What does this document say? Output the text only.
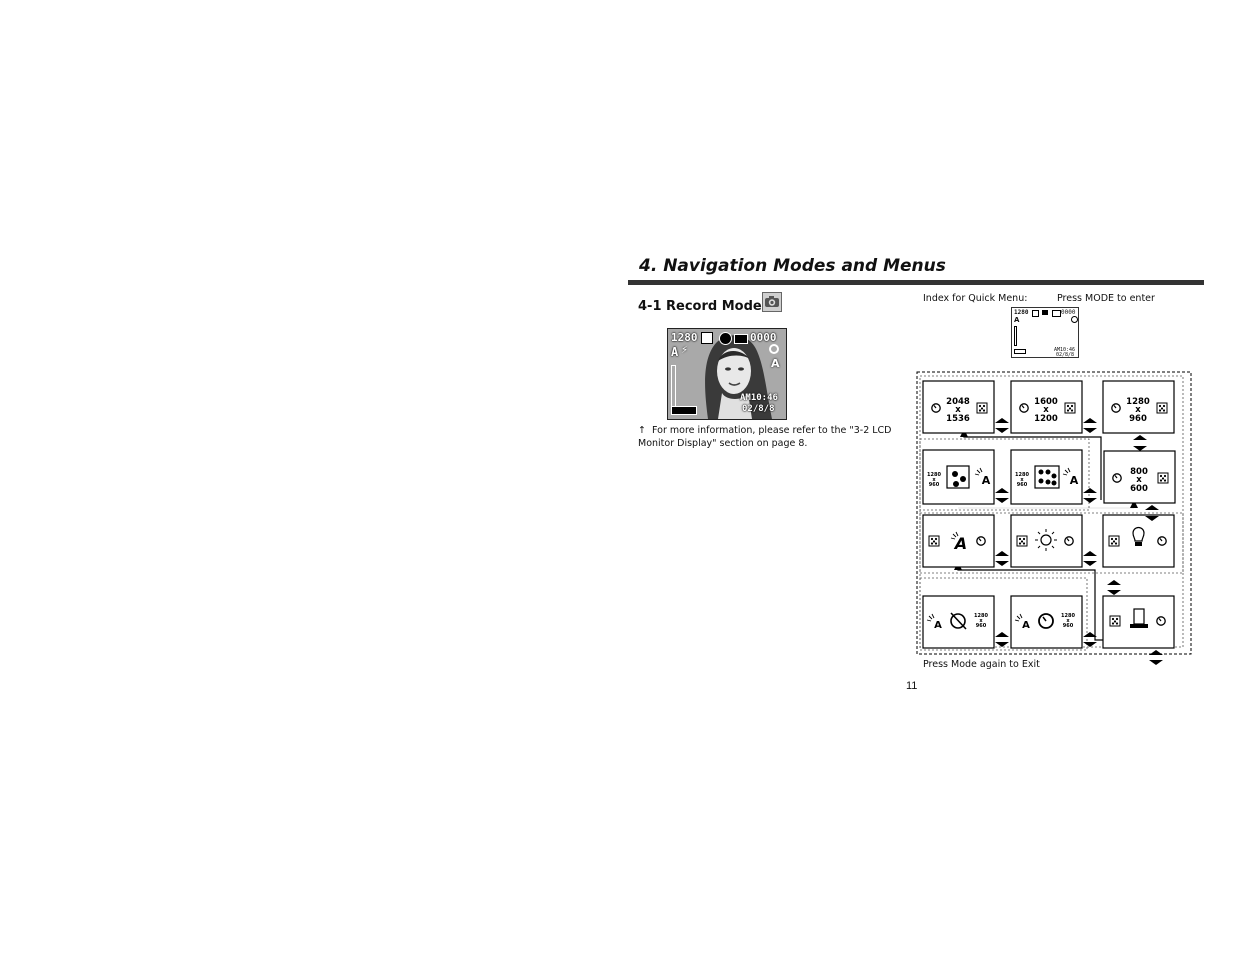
4. Navigation Modes and Menus
4-1 Record Mode
1280	0000
A ⚡
A
AM10:46
02/8/8
↑ For more information, please refer to the "3-2 LCD Monitor Display" section on page 8.
Index for Quick Menu:	Press MODE to enter
1280	0000
A
AM10:46
02/8/8
2048
x
1536
1600
x
1200
1280
x
960
800
x
600
1280
x
960
1280
x
960
1280
x
960
1280
x
960
A	A
A
A	A
Press Mode again to Exit
11
